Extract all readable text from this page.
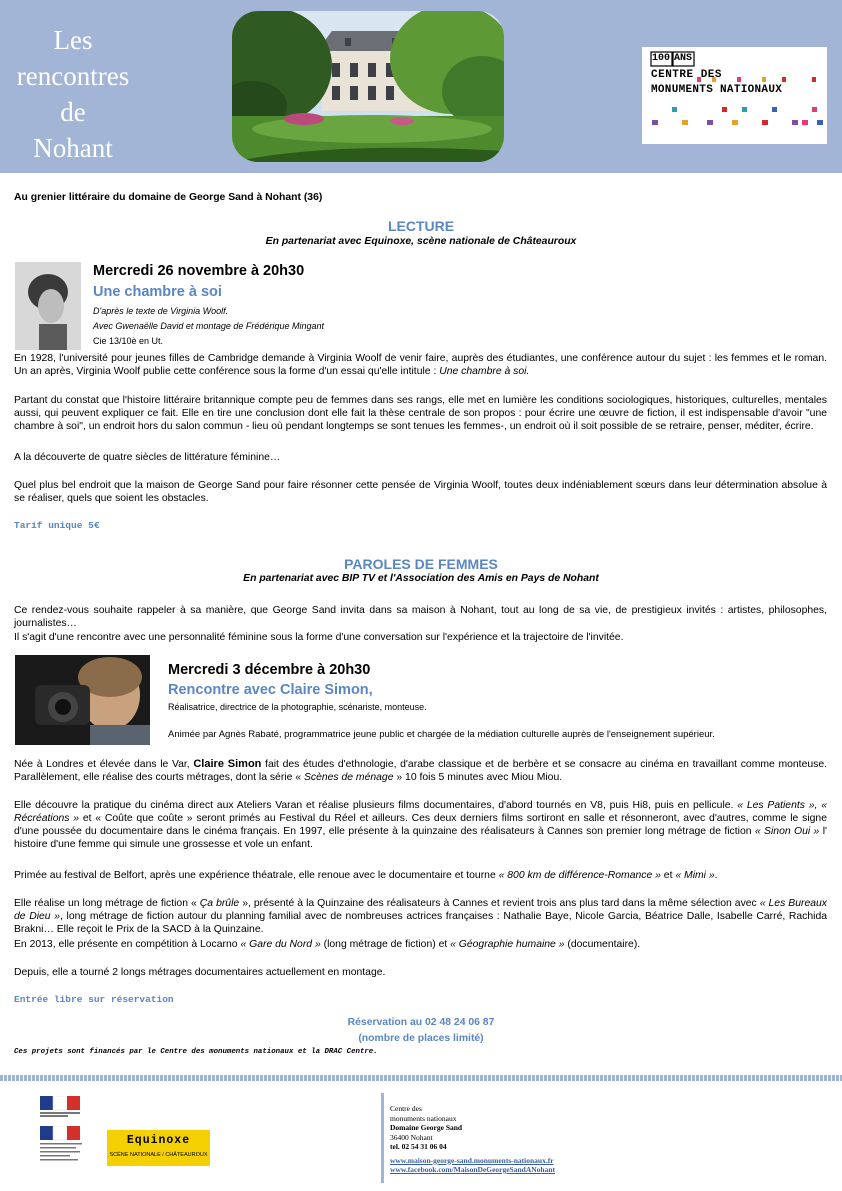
Les
rencontres
de
Nohant
100 ANS
CENTRE DES
MONUMENTS NATIONAUX
Au grenier littéraire du domaine de George Sand à Nohant (36)
LECTURE
En partenariat avec Equinoxe, scène nationale de Châteauroux
Mercredi 26 novembre à 20h30
Une chambre à soi
D'après le texte de Virginia Woolf.
Avec Gwenaëlle David et montage de Frédérique Mingant
Cie 13/10è en Ut.
En 1928, l'université pour jeunes filles de Cambridge demande à Virginia Woolf de venir faire, auprès des étudiantes, une conférence autour du sujet : les femmes et le roman. Un an après, Virginia Woolf publie cette conférence sous la forme d'un essai qu'elle intitule : Une chambre à soi.
Partant du constat que l'histoire littéraire britannique compte peu de femmes dans ses rangs, elle met en lumière les conditions sociologiques, historiques, culturelles, mentales aussi, qui peuvent expliquer ce fait. Elle en tire une conclusion dont elle fait la thèse centrale de son propos : pour écrire une œuvre de fiction, il est indispensable d'avoir "une chambre à soi", un endroit hors du salon commun - lieu où pendant longtemps se sont tenues les femmes-, un endroit où il soit possible de se retraire, penser, méditer, écrire.
A la découverte de quatre siècles de littérature féminine…
Quel plus bel endroit que la maison de George Sand pour faire résonner cette pensée de Virginia Woolf, toutes deux indéniablement sœurs dans leur détermination absolue à se réaliser, quels que soient les obstacles.
Tarif unique 5€
PAROLES DE FEMMES
En partenariat avec BIP TV et l'Association des Amis en Pays de Nohant
Ce rendez-vous souhaite rappeler à sa manière, que George Sand invita dans sa maison à Nohant, tout au long de sa vie, de prestigieux invités : artistes, philosophes, journalistes…
Il s'agit d'une rencontre avec une personnalité féminine sous la forme d'une conversation sur l'expérience et la trajectoire de l'invitée.
Mercredi 3 décembre à 20h30
Rencontre avec Claire Simon,
Réalisatrice, directrice de la photographie, scénariste, monteuse.
Animée par Agnès Rabaté, programmatrice jeune public et chargée de la médiation culturelle auprès de l'enseignement supérieur.
Née à Londres et élevée dans le Var, Claire Simon fait des études d'ethnologie, d'arabe classique et de berbère et se consacre au cinéma en travaillant comme monteuse. Parallèlement, elle réalise des courts métrages, dont la série « Scènes de ménage » 10 fois 5 minutes avec Miou Miou.
Elle découvre la pratique du cinéma direct aux Ateliers Varan et réalise plusieurs films documentaires, d'abord tournés en V8, puis Hi8, puis en pellicule. « Les Patients », « Récréations » et « Coûte que coûte » seront primés au Festival du Réel et ailleurs. Ces deux derniers films sortiront en salle et résonneront, avec d'autres, comme le signe d'une poussée du documentaire dans le cinéma français. En 1997, elle présente à la quinzaine des réalisateurs à Cannes son premier long métrage de fiction « Sinon Oui » l' histoire d'une femme qui simule une grossesse et vole un enfant.
Primée au festival de Belfort, après une expérience théatrale, elle renoue avec le documentaire et tourne « 800 km de différence-Romance » et « Mimi ».
Elle réalise un long métrage de fiction « Ça brûle », présenté à la Quinzaine des réalisateurs à Cannes et revient trois ans plus tard dans la même sélection avec « Les Bureaux de Dieu », long métrage de fiction autour du planning familial avec de nombreuses actrices françaises : Nathalie Baye, Nicole Garcia, Béatrice Dalle, Isabelle Carré, Rachida Brakni… Elle reçoit le Prix de la SACD à la Quinzaine.
En 2013, elle présente en compétition à Locarno « Gare du Nord » (long métrage de fiction) et « Géographie humaine » (documentaire).
Depuis, elle a tourné 2 longs métrages documentaires actuellement en montage.
Entrée libre sur réservation
Réservation au 02 48 24 06 87
(nombre de places limité)
Ces projets sont financés par le Centre des monuments nationaux et la DRAC Centre.
Equinoxe
SCÈNE NATIONALE / CHÂTEAUROUX
Centre des
monuments nationaux
Domaine George Sand
36400 Nohant
tel. 02 54 31 06 04
www.maison-george-sand.monuments-nationaux.fr
www.facebook.com/MaisonDeGeorgeSandANohant
